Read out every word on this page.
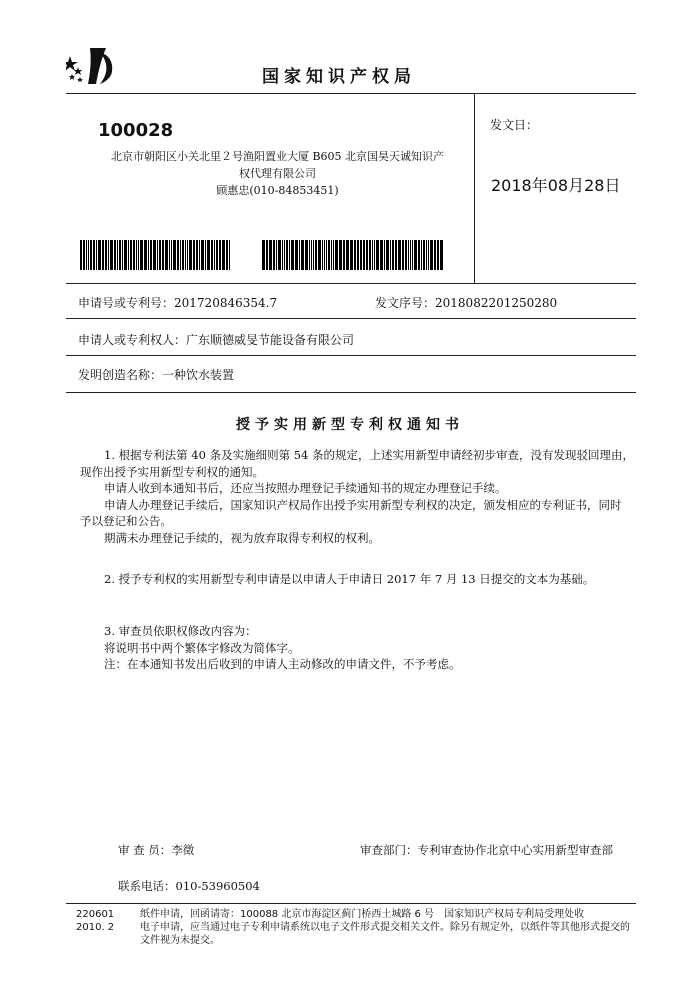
国家知识产权局
100028
北京市朝阳区小关北里２号渔阳置业大厦 B605 北京国昊天诚知识产
权代理有限公司
顾惠忠(010-84853451)
发文日：
2018年08月28日
申请号或专利号：201720846354.7	发文序号：2018082201250280
申请人或专利权人：广东顺德威旻节能设备有限公司
发明创造名称：一种饮水装置
授予实用新型专利权通知书
1. 根据专利法第 40 条及实施细则第 54 条的规定，上述实用新型申请经初步审查，没有发现驳回理由，
现作出授予实用新型专利权的通知。
申请人收到本通知书后，还应当按照办理登记手续通知书的规定办理登记手续。
申请人办理登记手续后，国家知识产权局作出授予实用新型专利权的决定，颁发相应的专利证书，同时
予以登记和公告。
期满未办理登记手续的，视为放弃取得专利权的权利。
2. 授予专利权的实用新型专利申请是以申请人于申请日 2017 年 7 月 13 日提交的文本为基础。
3. 审查员依职权修改内容为：
将说明书中两个繁体字修改为简体字。
注：在本通知书发出后收到的申请人主动修改的申请文件，不予考虑。
审 查 员：李徵	审查部门：专利审查协作北京中心实用新型审查部
联系电话：010-53960504
220601
2010. 2
纸件申请，回函请寄：100088 北京市海淀区蓟门桥西土城路 6 号　国家知识产权局专利局受理处收
电子申请，应当通过电子专利申请系统以电子文件形式提交相关文件。除另有规定外，以纸件等其他形式提交的
文件视为未提交。
